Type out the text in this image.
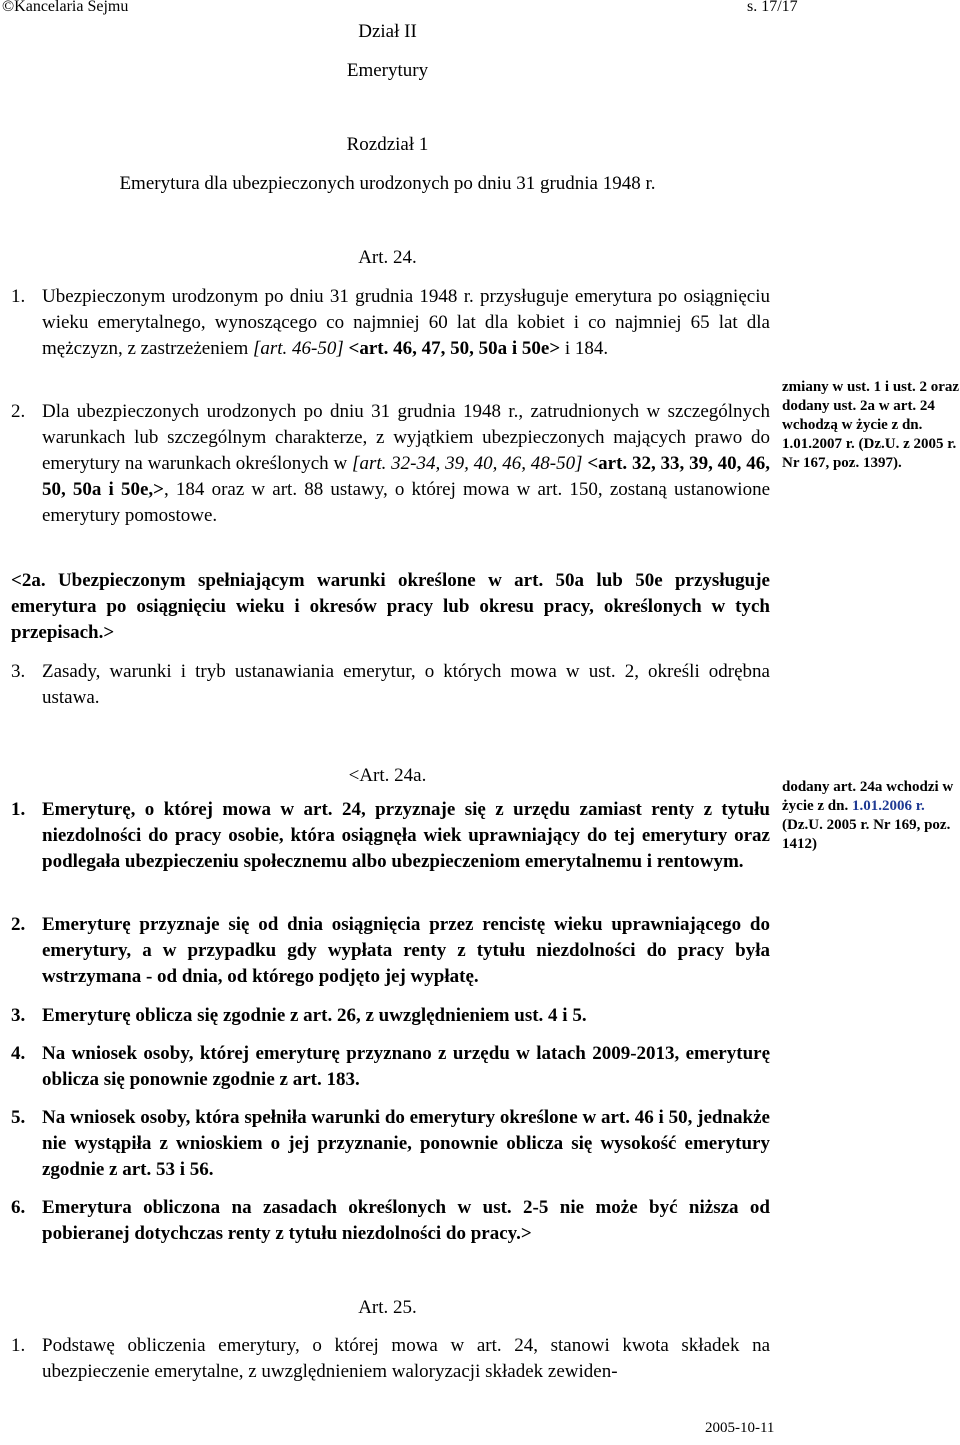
©Kancelaria Sejmu	s. 17/17
Dział II
Emerytury
Rozdział 1
Emerytura dla ubezpieczonych urodzonych po dniu 31 grudnia 1948 r.
Art. 24.
1. Ubezpieczonym urodzonym po dniu 31 grudnia 1948 r. przysługuje emerytura po osiągnięciu wieku emerytalnego, wynoszącego co najmniej 60 lat dla kobiet i co najmniej 65 lat dla mężczyzn, z zastrzeżeniem [art. 46-50] <art. 46, 47, 50, 50a i 50e> i 184.
2. Dla ubezpieczonych urodzonych po dniu 31 grudnia 1948 r., zatrudnionych w szczególnych warunkach lub szczególnym charakterze, z wyjątkiem ubezpieczonych mających prawo do emerytury na warunkach określonych w [art. 32-34, 39, 40, 46, 48-50] <art. 32, 33, 39, 40, 46, 50, 50a i 50e,>, 184 oraz w art. 88 ustawy, o której mowa w art. 150, zostaną ustanowione emerytury pomostowe.
<2a. Ubezpieczonym spełniającym warunki określone w art. 50a lub 50e przysługuje emerytura po osiągnięciu wieku i okresów pracy lub okresu pracy, określonych w tych przepisach.>
3. Zasady, warunki i tryb ustanawiania emerytur, o których mowa w ust. 2, określi odrębna ustawa.
zmiany w ust. 1 i ust. 2 oraz dodany ust. 2a w art. 24 wchodzą w życie z dn. 1.01.2007 r. (Dz.U. z 2005 r. Nr 167, poz. 1397).
<Art. 24a.
1. Emeryturę, o której mowa w art. 24, przyznaje się z urzędu zamiast renty z tytułu niezdolności do pracy osobie, która osiągnęła wiek uprawniający do tej emerytury oraz podlegała ubezpieczeniu społecznemu albo ubezpieczeniom emerytalnemu i rentowym.
2. Emeryturę przyznaje się od dnia osiągnięcia przez rencistę wieku uprawniającego do emerytury, a w przypadku gdy wypłata renty z tytułu niezdolności do pracy była wstrzymana - od dnia, od którego podjęto jej wypłatę.
3. Emeryturę oblicza się zgodnie z art. 26, z uwzględnieniem ust. 4 i 5.
4. Na wniosek osoby, której emeryturę przyznano z urzędu w latach 2009-2013, emeryturę oblicza się ponownie zgodnie z art. 183.
5. Na wniosek osoby, która spełniła warunki do emerytury określone w art. 46 i 50, jednakże nie wystąpiła z wnioskiem o jej przyznanie, ponownie oblicza się wysokość emerytury zgodnie z art. 53 i 56.
6. Emerytura obliczona na zasadach określonych w ust. 2-5 nie może być niższa od pobieranej dotychczas renty z tytułu niezdolności do pracy.>
dodany art. 24a wchodzi w życie z dn. 1.01.2006 r. (Dz.U. 2005 r. Nr 169, poz. 1412)
Art. 25.
1. Podstawę obliczenia emerytury, o której mowa w art. 24, stanowi kwota składek na ubezpieczenie emerytalne, z uwzględnieniem waloryzacji składek zewiden-
2005-10-11
